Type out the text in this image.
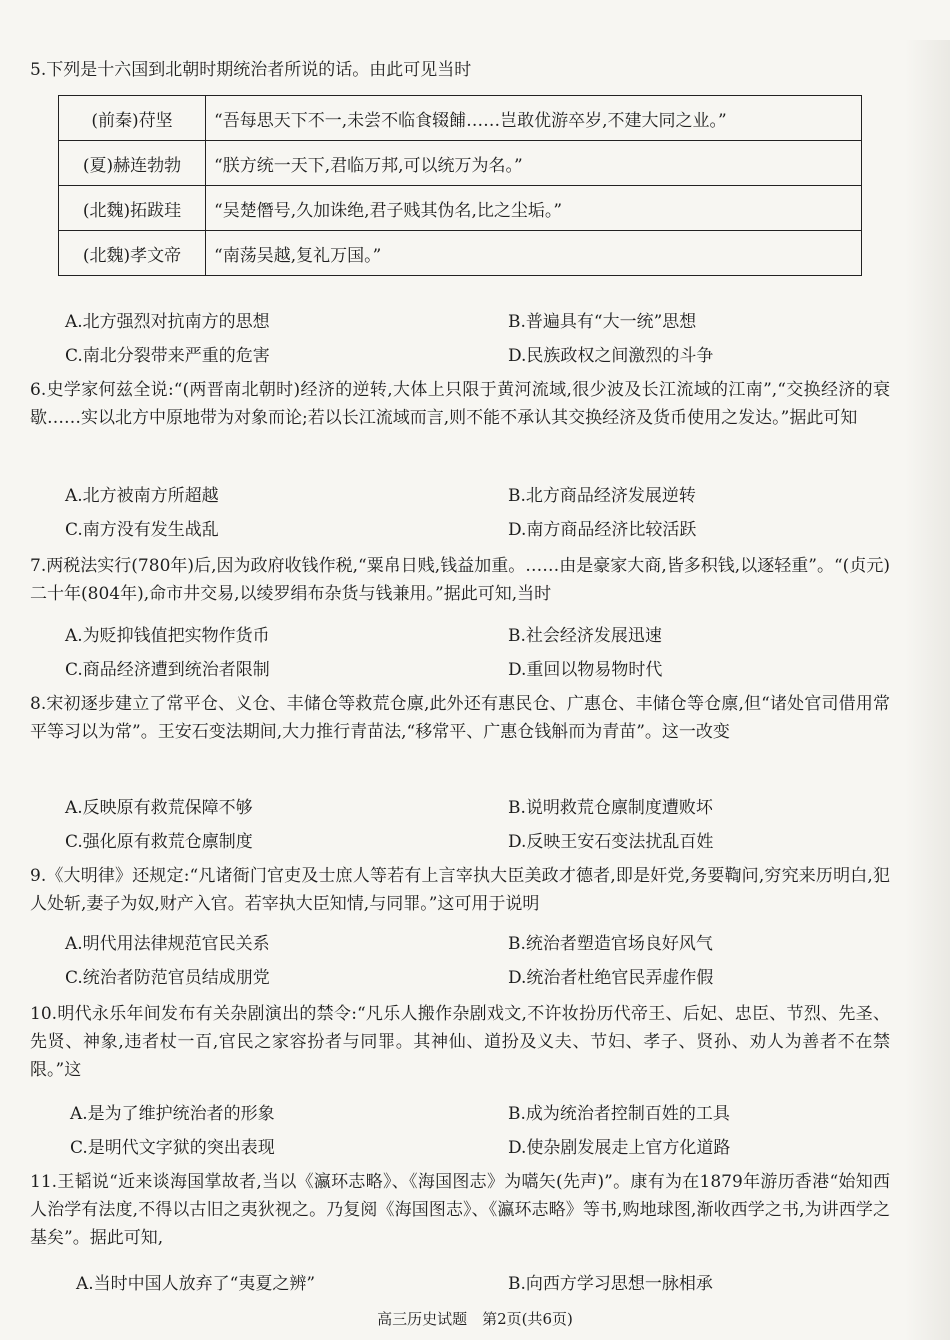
5.下列是十六国到北朝时期统治者所说的话。由此可见当时

(前秦)苻坚	“吾每思天下不一,未尝不临食辍餔……岂敢优游卒岁,不建大同之业。”
(夏)赫连勃勃	“朕方统一天下,君临万邦,可以统万为名。”
(北魏)拓跋珪	“吴楚僭号,久加诛绝,君子贱其伪名,比之尘垢。”
(北魏)孝文帝	“南荡吴越,复礼万国。”
A.北方强烈对抗南方的思想	B.普遍具有“大一统”思想
C.南北分裂带来严重的危害	D.民族政权之间激烈的斗争

6.史学家何兹全说:“(两晋南北朝时)经济的逆转,大体上只限于黄河流域,很少波及长江流域的江南”,“交换经济的衰歇……实以北方中原地带为对象而论;若以长江流域而言,则不能不承认其交换经济及货币使用之发达。”据此可知

A.北方被南方所超越	B.北方商品经济发展逆转
C.南方没有发生战乱	D.南方商品经济比较活跃

7.两税法实行(780年)后,因为政府收钱作税,“粟帛日贱,钱益加重。……由是豪家大商,皆多积钱,以逐轻重”。“(贞元)二十年(804年),命市井交易,以绫罗绢布杂货与钱兼用。”据此可知,当时

A.为贬抑钱值把实物作货币	B.社会经济发展迅速
C.商品经济遭到统治者限制	D.重回以物易物时代

8.宋初逐步建立了常平仓、义仓、丰储仓等救荒仓廪,此外还有惠民仓、广惠仓、丰储仓等仓廪,但“诸处官司借用常平等习以为常”。王安石变法期间,大力推行青苗法,“移常平、广惠仓钱斛而为青苗”。这一改变

A.反映原有救荒保障不够	B.说明救荒仓廪制度遭败坏
C.强化原有救荒仓廪制度	D.反映王安石变法扰乱百姓

9.《大明律》还规定:“凡诸衙门官吏及士庶人等若有上言宰执大臣美政才德者,即是奸党,务要鞫问,穷究来历明白,犯人处斩,妻子为奴,财产入官。若宰执大臣知情,与同罪。”这可用于说明

A.明代用法律规范官民关系	B.统治者塑造官场良好风气
C.统治者防范官员结成朋党	D.统治者杜绝官民弄虚作假

10.明代永乐年间发布有关杂剧演出的禁令:“凡乐人搬作杂剧戏文,不许妆扮历代帝王、后妃、忠臣、节烈、先圣、先贤、神象,违者杖一百,官民之家容扮者与同罪。其神仙、道扮及义夫、节妇、孝子、贤孙、劝人为善者不在禁限。”这

A.是为了维护统治者的形象	B.成为统治者控制百姓的工具
C.是明代文字狱的突出表现	D.使杂剧发展走上官方化道路

11.王韬说“近来谈海国掌故者,当以《瀛环志略》、《海国图志》为嚆矢(先声)”。康有为在1879年游历香港“始知西人治学有法度,不得以古旧之夷狄视之。乃复阅《海国图志》、《瀛环志略》等书,购地球图,渐收西学之书,为讲西学之基矣”。据此可知,

A.当时中国人放弃了“夷夏之辨”	B.向西方学习思想一脉相承
高三历史试题　第2页(共6页)
